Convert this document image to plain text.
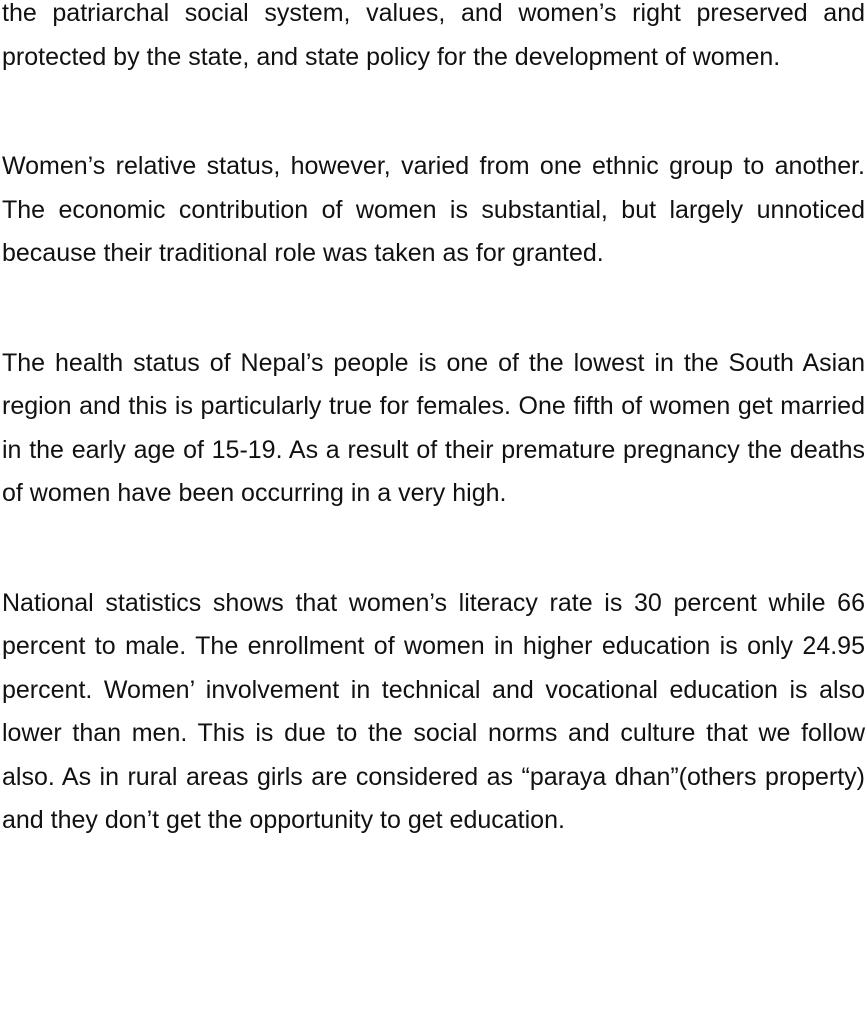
the patriarchal social system, values, and women’s right preserved and protected by the state, and state policy for the development of women.

Women’s relative status, however, varied from one ethnic group to another. The economic contribution of women is substantial, but largely unnoticed because their traditional role was taken as for granted.

The health status of Nepal’s people is one of the lowest in the South Asian region and this is particularly true for females. One fifth of women get married in the early age of 15-19. As a result of their premature pregnancy the deaths of women have been occurring in a very high.

National statistics shows that women’s literacy rate is 30 percent while 66 percent to male. The enrollment of women in higher education is only 24.95 percent. Women’ involvement in technical and vocational education is also lower than men. This is due to the social norms and culture that we follow also. As in rural areas girls are considered as “paraya dhan”(others property) and they don’t get the opportunity to get education.
